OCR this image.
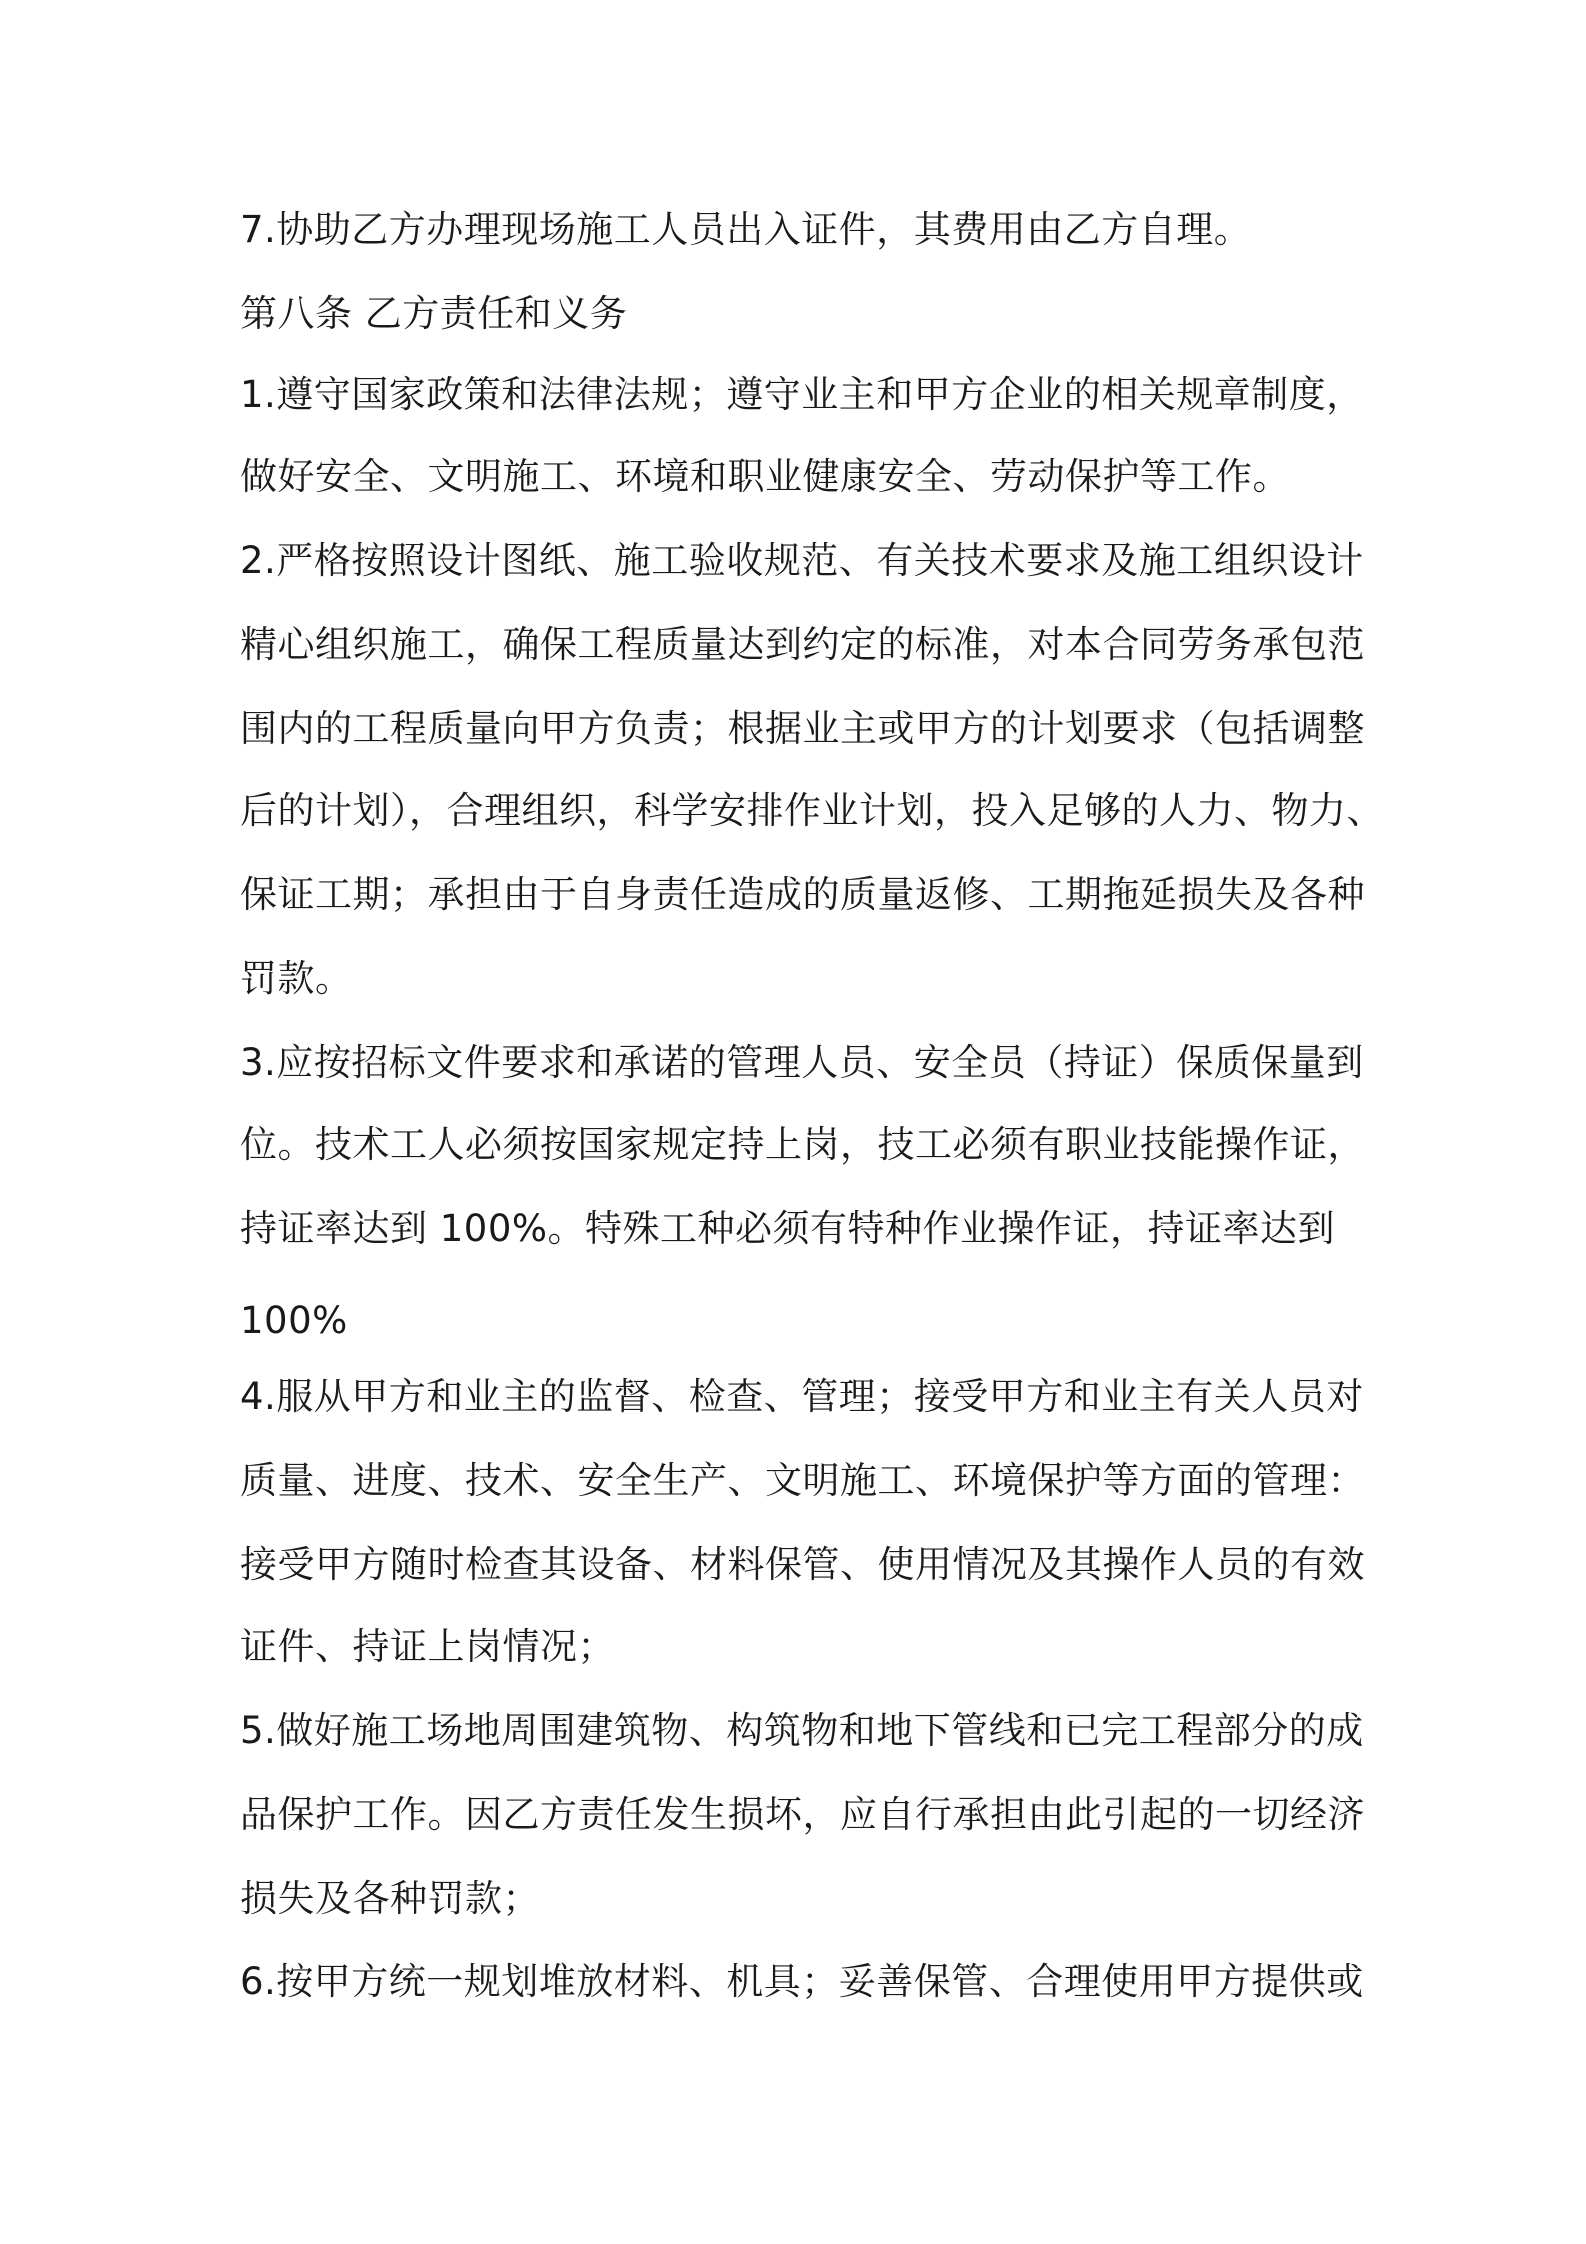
7.协助乙方办理现场施工人员出入证件，其费用由乙方自理。
第八条 乙方责任和义务
1.遵守国家政策和法律法规；遵守业主和甲方企业的相关规章制度，
做好安全、文明施工、环境和职业健康安全、劳动保护等工作。
2.严格按照设计图纸、施工验收规范、有关技术要求及施工组织设计
精心组织施工，确保工程质量达到约定的标准，对本合同劳务承包范
围内的工程质量向甲方负责；根据业主或甲方的计划要求（包括调整
后的计划），合理组织，科学安排作业计划，投入足够的人力、物力、
保证工期；承担由于自身责任造成的质量返修、工期拖延损失及各种
罚款。
3.应按招标文件要求和承诺的管理人员、安全员（持证）保质保量到
位。技术工人必须按国家规定持上岗，技工必须有职业技能操作证，
持证率达到 100%。特殊工种必须有特种作业操作证，持证率达到
100%
4.服从甲方和业主的监督、检查、管理；接受甲方和业主有关人员对
质量、进度、技术、安全生产、文明施工、环境保护等方面的管理：
接受甲方随时检查其设备、材料保管、使用情况及其操作人员的有效
证件、持证上岗情况；
5.做好施工场地周围建筑物、构筑物和地下管线和已完工程部分的成
品保护工作。因乙方责任发生损坏，应自行承担由此引起的一切经济
损失及各种罚款；
6.按甲方统一规划堆放材料、机具；妥善保管、合理使用甲方提供或
